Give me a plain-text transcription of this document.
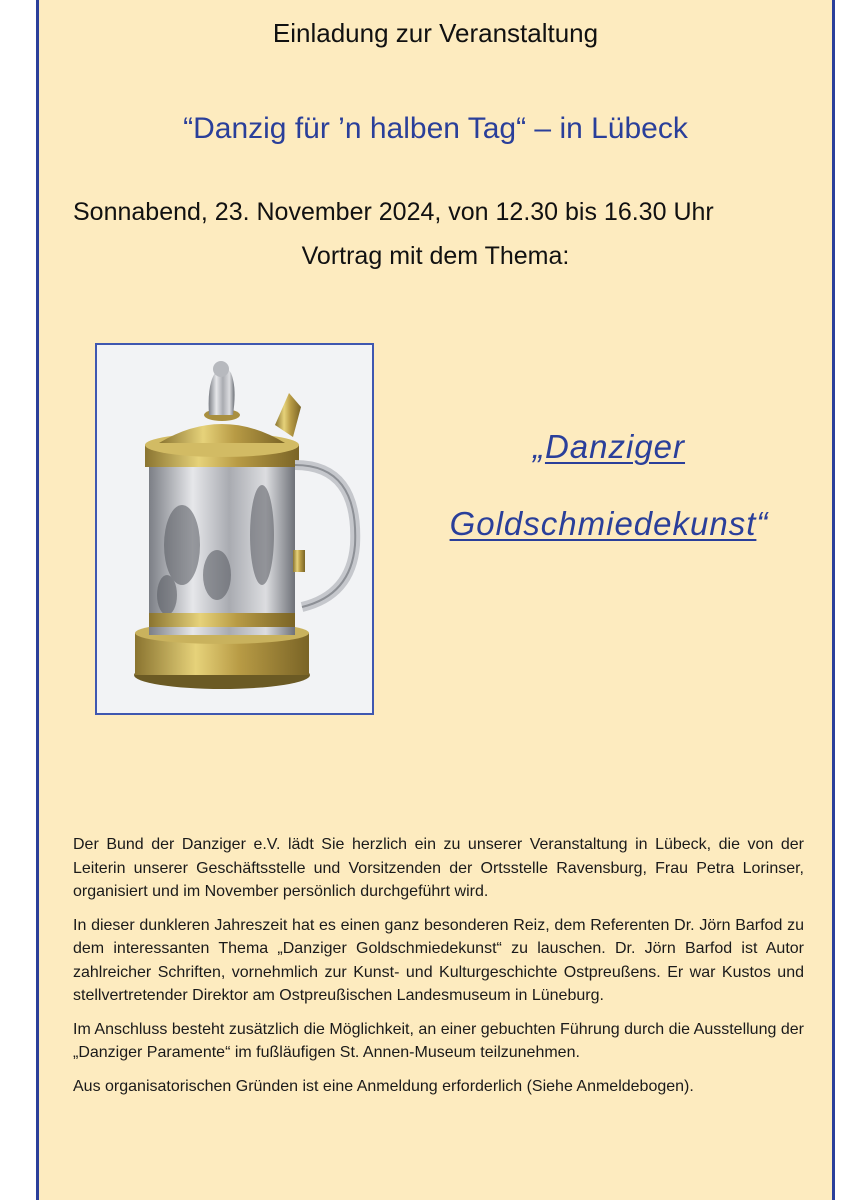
Einladung zur Veranstaltung
“Danzig für ’n halben Tag“ – in Lübeck
Sonnabend, 23. November 2024, von 12.30 bis 16.30 Uhr
Vortrag mit dem Thema:
„Danziger
Goldschmiedekunst“

Der Bund der Danziger e.V. lädt Sie herzlich ein zu unserer Veranstaltung in Lübeck, die von der Leiterin unserer Geschäftsstelle und Vorsitzenden der Ortsstelle Ravensburg, Frau Petra Lorinser, organisiert und im November persönlich durchgeführt wird.

In dieser dunkleren Jahreszeit hat es einen ganz besonderen Reiz, dem Referenten Dr. Jörn Barfod zu dem interessanten Thema „Danziger Goldschmiedekunst“ zu lauschen. Dr. Jörn Barfod ist Autor zahlreicher Schriften, vornehmlich zur Kunst- und Kulturgeschichte Ostpreußens. Er war Kustos und stellvertretender Direktor am Ostpreußischen Landesmuseum in Lüneburg.

Im Anschluss besteht zusätzlich die Möglichkeit, an einer gebuchten Führung durch die Ausstellung der „Danziger Paramente“ im fußläufigen St. Annen-Museum teilzunehmen.

Aus organisatorischen Gründen ist eine Anmeldung erforderlich (Siehe Anmeldebogen).
